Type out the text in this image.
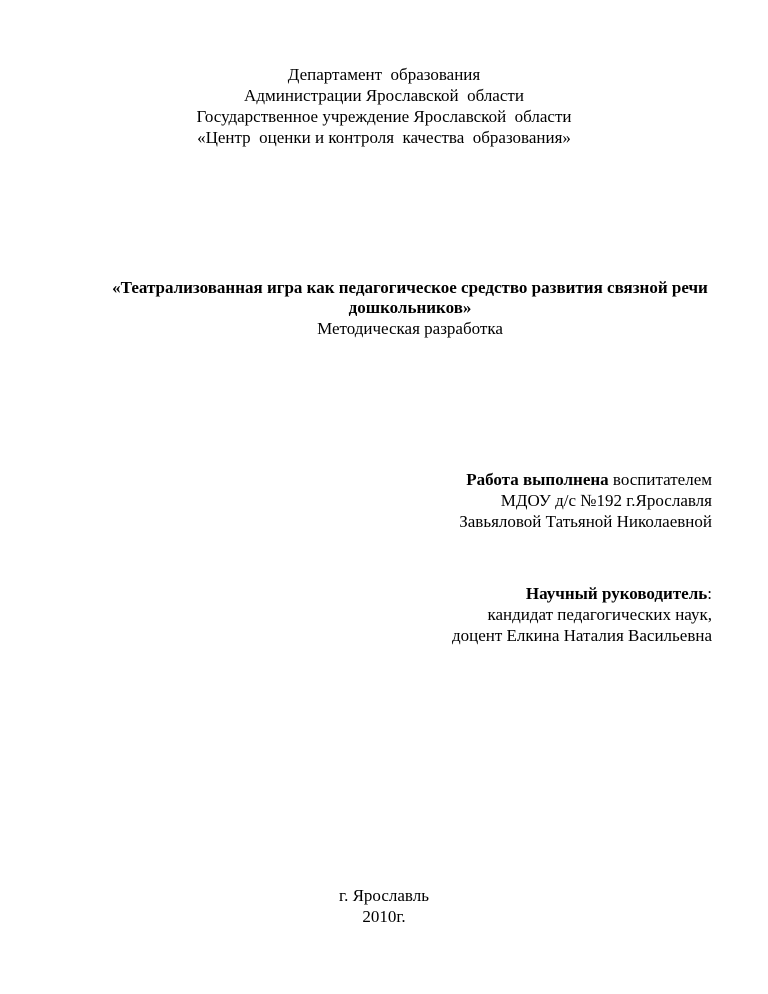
Департамент  образования
Администрации Ярославской  области
Государственное учреждение Ярославской  области
«Центр  оценки и контроля  качества  образования»
«Театрализованная игра как педагогическое средство развития связной речи дошкольников»
Методическая разработка
Работа выполнена воспитателем
МДОУ д/с №192 г.Ярославля
Завьяловой Татьяной Николаевной
Научный руководитель:
кандидат педагогических наук,
доцент Елкина Наталия Васильевна
г. Ярославль
2010г.
